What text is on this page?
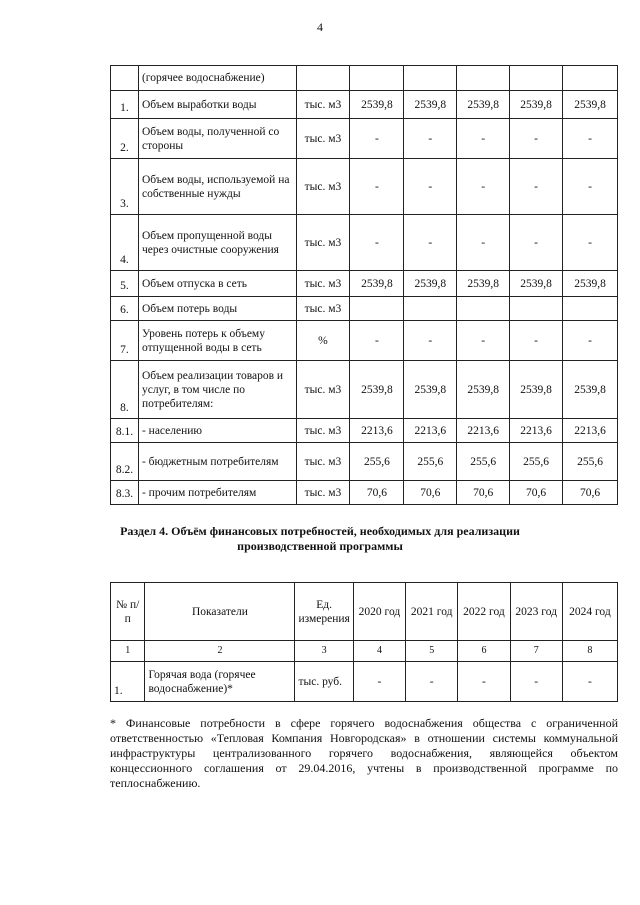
4
	(горячее водоснабжение)						
1.	Объем выработки воды	тыс. м3	2539,8	2539,8	2539,8	2539,8	2539,8
2.	Объем воды, полученной со стороны	тыс. м3	-	-	-	-	-
3.	Объем воды, используемой на собственные нужды	тыс. м3	-	-	-	-	-
4.	Объем пропущенной воды через очистные сооружения	тыс. м3	-	-	-	-	-
5.	Объем отпуска в сеть	тыс. м3	2539,8	2539,8	2539,8	2539,8	2539,8
6.	Объем потерь воды	тыс. м3					
7.	Уровень потерь к объему отпущенной воды в сеть	%	-	-	-	-	-
8.	Объем реализации товаров и услуг, в том числе по потребителям:	тыс. м3	2539,8	2539,8	2539,8	2539,8	2539,8
8.1.	- населению	тыс. м3	2213,6	2213,6	2213,6	2213,6	2213,6
8.2.	- бюджетным потребителям	тыс. м3	255,6	255,6	255,6	255,6	255,6
8.3.	- прочим потребителям	тыс. м3	70,6	70,6	70,6	70,6	70,6
Раздел 4. Объём финансовых потребностей, необходимых для реализации производственной программы
№ п/п	Показатели	Ед. измерения	2020 год	2021 год	2022 год	2023 год	2024 год
1	2	3	4	5	6	7	8
1.	Горячая вода (горячее водоснабжение)*	тыс. руб.	-	-	-	-	-
* Финансовые потребности в сфере горячего водоснабжения общества с ограниченной ответственностью «Тепловая Компания Новгородская» в отношении системы коммунальной инфраструктуры централизованного горячего водоснабжения, являющейся объектом концессионного соглашения от 29.04.2016, учтены в производственной программе по теплоснабжению.
